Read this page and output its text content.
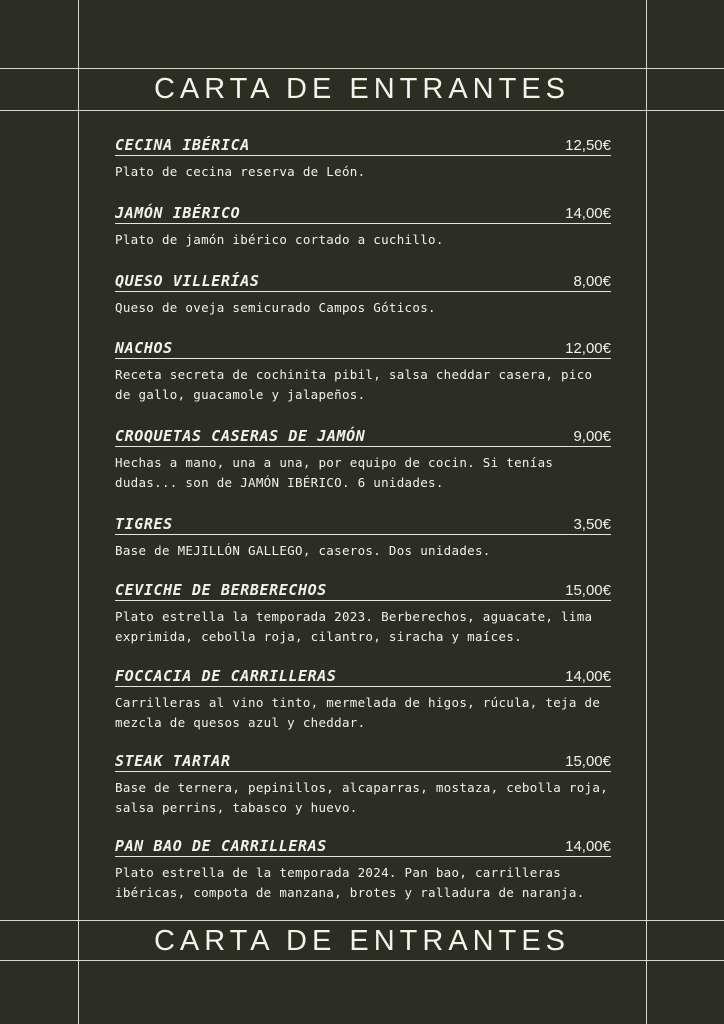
CARTA DE ENTRANTES
CECINA IBÉRICA	12,50€
Plato de cecina reserva de León.
JAMÓN IBÉRICO	14,00€
Plato de jamón ibérico cortado a cuchillo.
QUESO VILLERÍAS	8,00€
Queso de oveja semicurado Campos Góticos.
NACHOS	12,00€
Receta secreta de cochinita pibil, salsa cheddar casera, pico de gallo, guacamole y jalapeños.
CROQUETAS CASERAS DE JAMÓN	9,00€
Hechas a mano, una a una, por equipo de cocin. Si tenías dudas... son de JAMÓN IBÉRICO. 6 unidades.
TIGRES	3,50€
Base de MEJILLÓN GALLEGO, caseros. Dos unidades.
CEVICHE DE BERBERECHOS	15,00€
Plato estrella la temporada 2023. Berberechos, aguacate, lima exprimida, cebolla roja, cilantro, siracha y maíces.
FOCCACIA DE CARRILLERAS	14,00€
Carrilleras al vino tinto, mermelada de higos, rúcula, teja de mezcla de quesos azul y cheddar.
STEAK TARTAR	15,00€
Base de ternera, pepinillos, alcaparras, mostaza, cebolla roja, salsa perrins, tabasco y huevo.
PAN BAO DE CARRILLERAS	14,00€
Plato estrella de la temporada 2024. Pan bao, carrilleras ibéricas, compota de manzana, brotes y ralladura de naranja.
CARTA DE ENTRANTES
